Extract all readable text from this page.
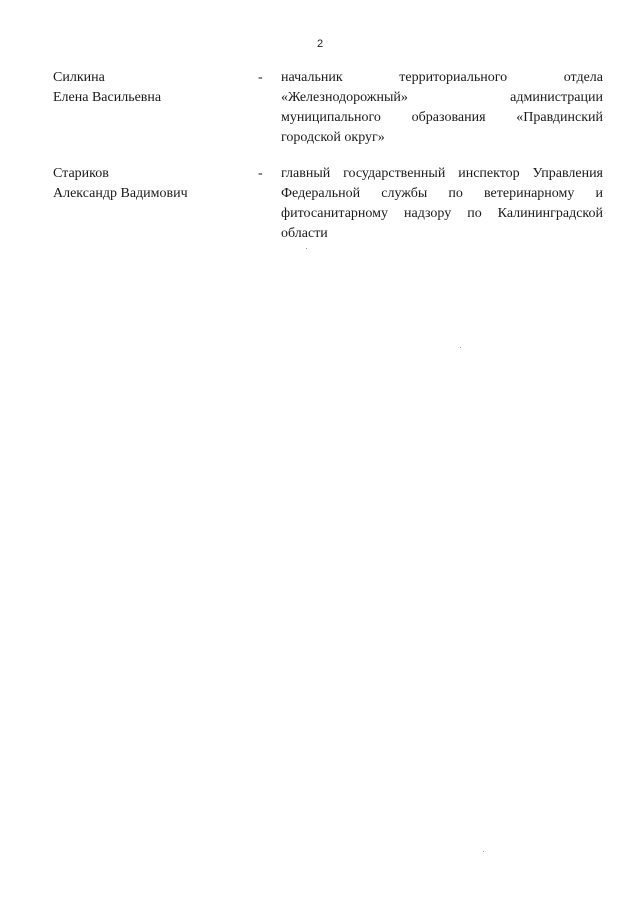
2
Силкина
Елена Васильевна
- начальник территориального отдела
«Железнодорожный» администрации
муниципального образования «Правдинский
городской округ»
Стариков
Александр Вадимович
- главный государственный инспектор Управления
Федеральной службы по ветеринарному и
фитосанитарному надзору по Калининградской
области
